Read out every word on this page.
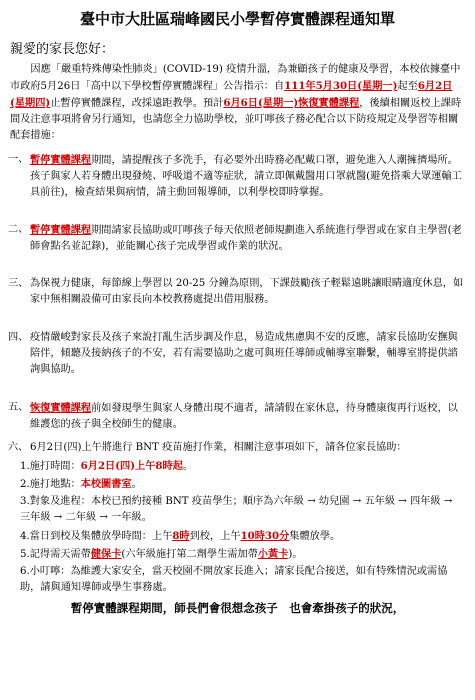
臺中市大肚區瑞峰國民小學暫停實體課程通知單
親愛的家長您好：
因應「嚴重特殊傳染性肺炎」(COVID-19) 疫情升溫，為兼顧孩子的健康及學習，本校依據臺中市政府5月26日「高中以下學校暫停實體課程」公告指示：自111年5月30日(星期一)起至6月2日(星期四)止暫停實體課程，改採遠距教學。預計6月6日(星期一)恢復實體課程，後續相關返校上課時間及注意事項將會另行通知，也請您全力協助學校，並叮嚀孩子務必配合以下防疫規定及學習等相關配套措施：
一、 暫停實體課程期間，請提醒孩子多洗手，有必要外出時務必配戴口罩，避免進入人潮擁擠場所。孩子與家人若身體出現發燒、呼吸道不適等症狀，請立即佩戴醫用口罩就醫(避免搭乘大眾運輸工具前往)，檢查結果與病情，請主動回報導師，以利學校即時掌握。
二、 暫停實體課程期間請家長協助或叮嚀孩子每天依照老師規劃進入系統進行學習或在家自主學習(老師會點名並記錄)，並能關心孩子完成學習或作業的狀況。
三、 為保視力健康，每節線上學習以 20-25 分鐘為原則，下課鼓勵孩子輕鬆遠眺讓眼睛適度休息，如家中無相關設備可由家長向本校教務處提出借用服務。
四、 疫情嚴峻對家長及孩子來說打亂生活步調及作息，易造成焦慮與不安的反應，請家長協助安撫與陪伴，傾聽及接納孩子的不安，若有需要協助之處可與班任導師或輔導室聯繫，輔導室將提供諮詢與協助。
五、 恢復實體課程前如發現學生與家人身體出現不適者，請請假在家休息，待身體康復再行返校，以維護您的孩子與全校師生的健康。
六、 6月2日(四)上午將進行 BNT 疫苗施打作業，相關注意事項如下，請各位家長協助：
1.施打時間：6月2日(四)上午8時起。
2.施打地點：本校圖書室。
3.對象及進程：本校已預約接種 BNT 疫苗學生；順序為六年級 → 幼兒園 → 五年級 → 四年級 → 三年級 → 二年級 → 一年級。
4.當日到校及集體放學時間：上午8時到校，上午10時30分集體放學。
5.記得需天需帶健保卡(六年級施打第二劑學生需加帶小黃卡)。
6.小叮嚀：為維護大家安全，當天校園不開放家長進入；請家長配合接送，如有特殊情況或需協助，請與通知導師或學生事務處。
暫停實體課程期間，師長們會很想念孩子　也會牽掛孩子的狀況，
